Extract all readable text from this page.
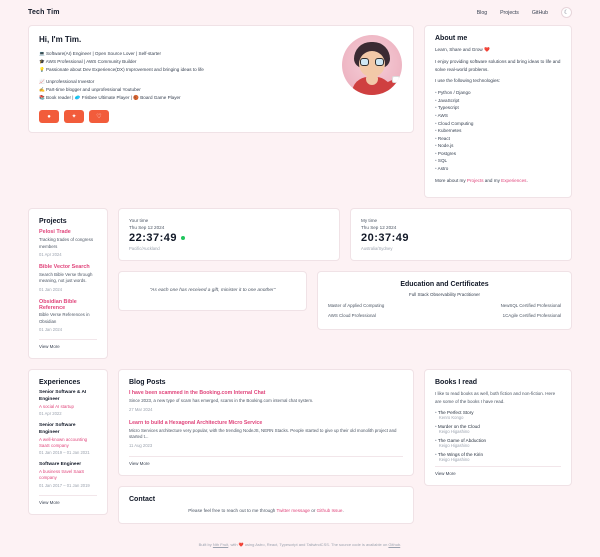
Tech Tim	Blog	Projects	GitHub	☾
Hi, I'm Tim.
💻 Software(AI) Engineer | Open Source Lover | Self-starter
🎓 AWS Professional | AWS Community Builder
💡 Passionate about Dev Experience(DX) Improvement and bringing ideas to life
📈 Unprofessional Investor
✍️ Part-time blogger and unprofessional Youtuber
📚 Book reader | 🥏 Frisbee Ultimate Player | 🏀 Board Game Player
●	✦	♡
About me

Learn, Share and Grow ❤️

I enjoy providing software solutions and bring ideas to life and solve real-world problems.

I use the following technologies:

• Python / Django
• JavaScript
• Typescript
• AWS
• Cloud Computing
• Kubernetes
• React
• Node.js
• Postgres
• SQL
• Astro

More about my Projects and my Experiences.

Projects
Pelosi Trade
Tracking trades of congress members
01 Apr 2024
Bible Vector Search
Search Bible Verse through meaning, not just words.
01 Jan 2024
Obsidian Bible Reference
Bible Verse References in Obsidian
01 Jan 2024
View More
Your time
Thu Sep 12 2024
22:37:49
Pacific/Auckland
My time
Thu Sep 12 2024
20:37:49
Australia/Sydney
"As each one has received a gift, minister it to one another"
Education and Certificates
Full Stack Observability Practitioner
Master of Applied Computing	NewSQL Certified Professional
AWS Cloud Professional	1CAgile Certified Professional
Experiences
Senior Software & AI Engineer
A social AI startup
01 Apr 2022
Senior Software Engineer
A well-known accounting SaaS company
01 Jan 2019 – 01 Jan 2021
Software Engineer
A business travel SaaS company
01 Jan 2017 – 01 Jan 2019
View More
Blog Posts
I have been scammed in the Booking.com Internal Chat
Since 2023, a new type of scam has emerged, scams in the Booking.com internal chat system.
27 Mar 2024
Learn to build a Hexagonal Architecture Micro Service
Micro Services architecture very popular, with the trending NodeJS, NERN Stacks. People started to give up their old monolith project and started t...
11 Aug 2023
View More
Contact

Please feel free to reach out to me through Twitter message or Github Issue.

Books I read

I like to read books as well, both fiction and non-fiction. Here are some of the books I have read.

• The Perfect Story
Kenro Kongo
• Murder on the Cloud
Keigo Higashino
• The Game of Abduction
Keigo Higashino
• The Wings of the Kirin
Keigo Higashino
View More
Built by Nth Fruit, with ❤️ using Astro, React, Typescript and TailwindCSS. The source code is available on Github.
